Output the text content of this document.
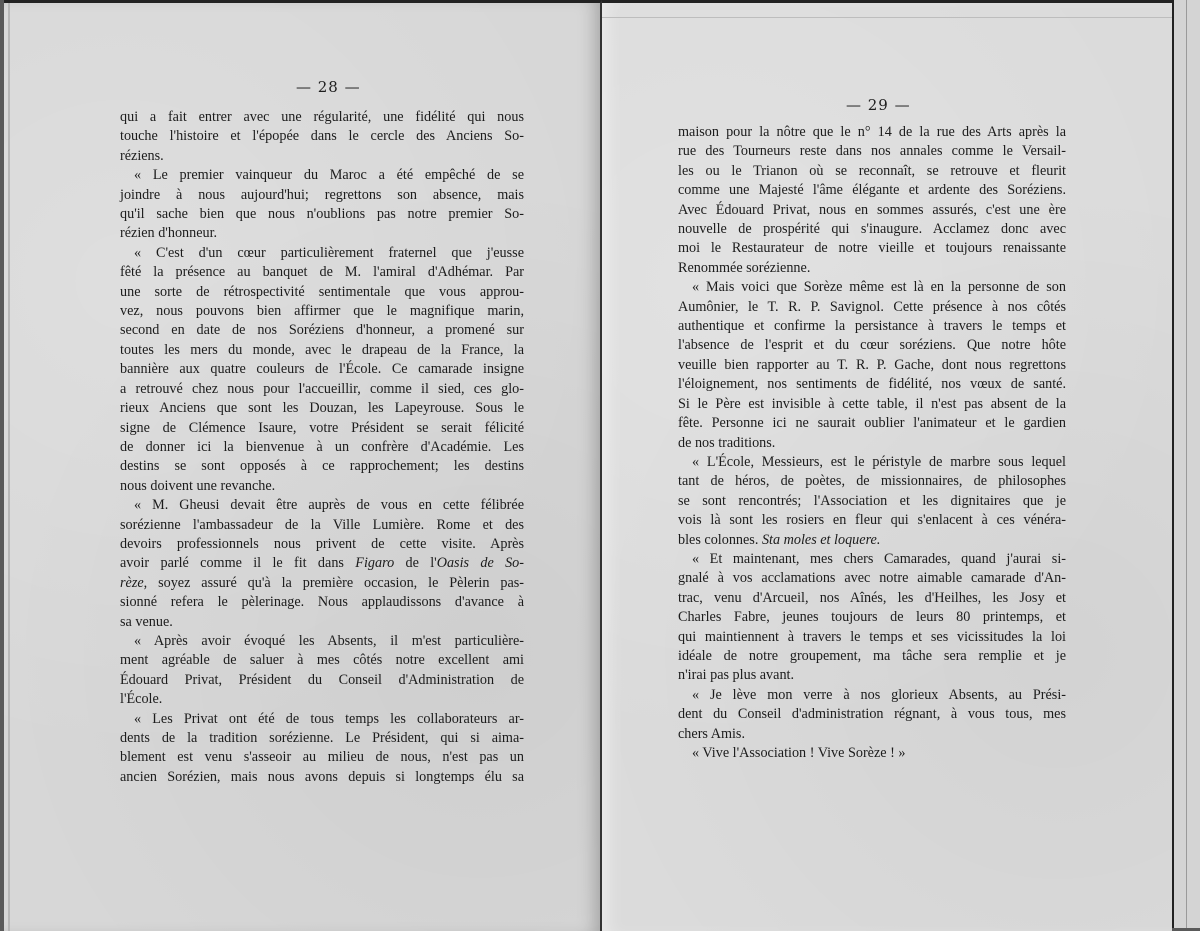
— 28 —
— 29 —
qui a fait entrer avec une régularité, une fidélité qui nous
touche l'histoire et l'épopée dans le cercle des Anciens So-
réziens.
« Le premier vainqueur du Maroc a été empêché de se
joindre à nous aujourd'hui; regrettons son absence, mais
qu'il sache bien que nous n'oublions pas notre premier So-
rézien d'honneur.
« C'est d'un cœur particulièrement fraternel que j'eusse
fêté la présence au banquet de M. l'amiral d'Adhémar. Par
une sorte de rétrospectivité sentimentale que vous approu-
vez, nous pouvons bien affirmer que le magnifique marin,
second en date de nos Soréziens d'honneur, a promené sur
toutes les mers du monde, avec le drapeau de la France, la
bannière aux quatre couleurs de l'École. Ce camarade insigne
a retrouvé chez nous pour l'accueillir, comme il sied, ces glo-
rieux Anciens que sont les Douzan, les Lapeyrouse. Sous le
signe de Clémence Isaure, votre Président se serait félicité
de donner ici la bienvenue à un confrère d'Académie. Les
destins se sont opposés à ce rapprochement; les destins
nous doivent une revanche.
« M. Gheusi devait être auprès de vous en cette félibrée
sorézienne l'ambassadeur de la Ville Lumière. Rome et des
devoirs professionnels nous privent de cette visite. Après
avoir parlé comme il le fit dans Figaro de l'Oasis de So-
rèze, soyez assuré qu'à la première occasion, le Pèlerin pas-
sionné refera le pèlerinage. Nous applaudissons d'avance à
sa venue.
« Après avoir évoqué les Absents, il m'est particulière-
ment agréable de saluer à mes côtés notre excellent ami
Édouard Privat, Président du Conseil d'Administration de
l'École.
« Les Privat ont été de tous temps les collaborateurs ar-
dents de la tradition sorézienne. Le Président, qui si aima-
blement est venu s'asseoir au milieu de nous, n'est pas un
ancien Sorézien, mais nous avons depuis si longtemps élu sa
maison pour la nôtre que le n° 14 de la rue des Arts après la
rue des Tourneurs reste dans nos annales comme le Versail-
les ou le Trianon où se reconnaît, se retrouve et fleurit
comme une Majesté l'âme élégante et ardente des Soréziens.
Avec Édouard Privat, nous en sommes assurés, c'est une ère
nouvelle de prospérité qui s'inaugure. Acclamez donc avec
moi le Restaurateur de notre vieille et toujours renaissante
Renommée sorézienne.
« Mais voici que Sorèze même est là en la personne de son
Aumônier, le T. R. P. Savignol. Cette présence à nos côtés
authentique et confirme la persistance à travers le temps et
l'absence de l'esprit et du cœur soréziens. Que notre hôte
veuille bien rapporter au T. R. P. Gache, dont nous regrettons
l'éloignement, nos sentiments de fidélité, nos vœux de santé.
Si le Père est invisible à cette table, il n'est pas absent de la
fête. Personne ici ne saurait oublier l'animateur et le gardien
de nos traditions.
« L'École, Messieurs, est le péristyle de marbre sous lequel
tant de héros, de poètes, de missionnaires, de philosophes
se sont rencontrés; l'Association et les dignitaires que je
vois là sont les rosiers en fleur qui s'enlacent à ces vénéra-
bles colonnes. Sta moles et loquere.
« Et maintenant, mes chers Camarades, quand j'aurai si-
gnalé à vos acclamations avec notre aimable camarade d'An-
trac, venu d'Arcueil, nos Aînés, les d'Heilhes, les Josy et
Charles Fabre, jeunes toujours de leurs 80 printemps, et
qui maintiennent à travers le temps et ses vicissitudes la loi
idéale de notre groupement, ma tâche sera remplie et je
n'irai pas plus avant.
« Je lève mon verre à nos glorieux Absents, au Prési-
dent du Conseil d'administration régnant, à vous tous, mes
chers Amis.
« Vive l'Association ! Vive Sorèze ! »
